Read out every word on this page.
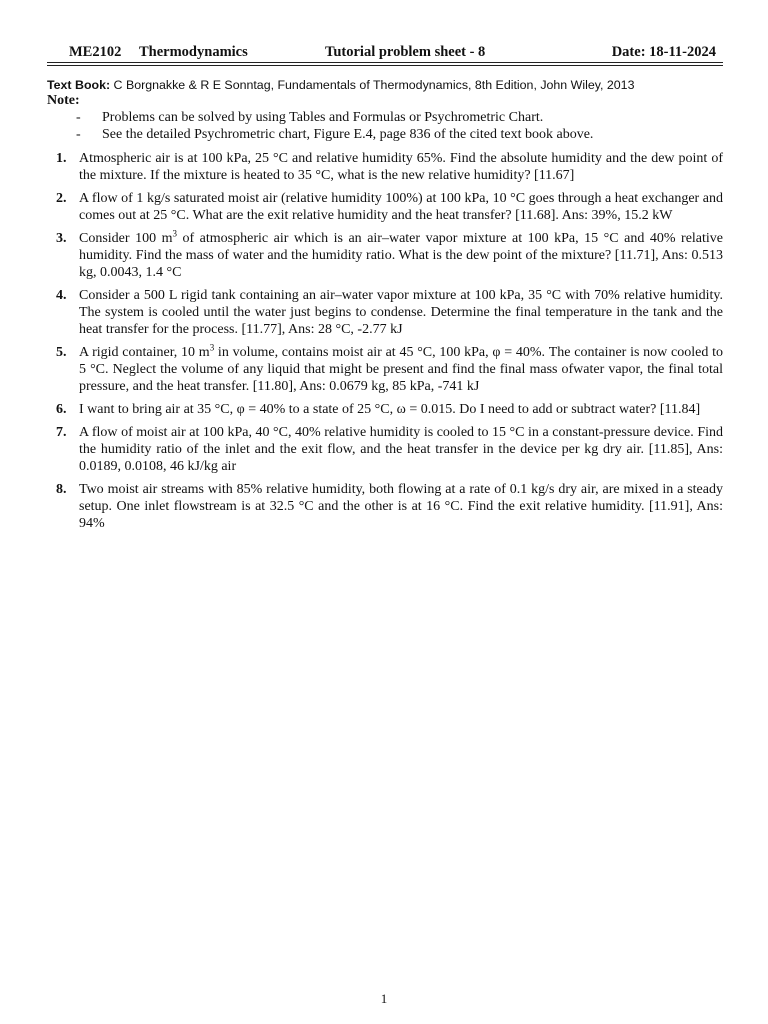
ME2102 Thermodynamics	Tutorial problem sheet - 8	Date: 18-11-2024
Text Book: C Borgnakke & R E Sonntag, Fundamentals of Thermodynamics, 8th Edition, John Wiley, 2013
Note:
- Problems can be solved by using Tables and Formulas or Psychrometric Chart.
- See the detailed Psychrometric chart, Figure E.4, page 836 of the cited text book above.
1. Atmospheric air is at 100 kPa, 25 °C and relative humidity 65%. Find the absolute humidity and the dew point of the mixture. If the mixture is heated to 35 °C, what is the new relative humidity? [11.67]
2. A flow of 1 kg/s saturated moist air (relative humidity 100%) at 100 kPa, 10 °C goes through a heat exchanger and comes out at 25 °C. What are the exit relative humidity and the heat transfer? [11.68]. Ans: 39%, 15.2 kW
3. Consider 100 $m^3$ of atmospheric air which is an air–water vapor mixture at 100 kPa, 15 °C and 40% relative humidity. Find the mass of water and the humidity ratio. What is the dew point of the mixture? [11.71], Ans: 0.513 kg, 0.0043, 1.4 °C
4. Consider a 500 L rigid tank containing an air–water vapor mixture at 100 kPa, 35 °C with 70% relative humidity. The system is cooled until the water just begins to condense. Determine the final temperature in the tank and the heat transfer for the process. [11.77], Ans: 28 °C, -2.77 kJ
5. A rigid container, 10 $m^3$ in volume, contains moist air at 45 °C, 100 kPa, φ = 40%. The container is now cooled to 5 °C. Neglect the volume of any liquid that might be present and find the final mass ofwater vapor, the final total pressure, and the heat transfer. [11.80], Ans: 0.0679 kg, 85 kPa, -741 kJ
6. I want to bring air at 35 °C, φ = 40% to a state of 25 °C, ω = 0.015. Do I need to add or subtract water? [11.84]
7. A flow of moist air at 100 kPa, 40 °C, 40% relative humidity is cooled to 15 °C in a constant-pressure device. Find the humidity ratio of the inlet and the exit flow, and the heat transfer in the device per kg dry air. [11.85], Ans: 0.0189, 0.0108, 46 kJ/kg air
8. Two moist air streams with 85% relative humidity, both flowing at a rate of 0.1 kg/s dry air, are mixed in a steady setup. One inlet flowstream is at 32.5 °C and the other is at 16 °C. Find the exit relative humidity. [11.91], Ans: 94%
1
